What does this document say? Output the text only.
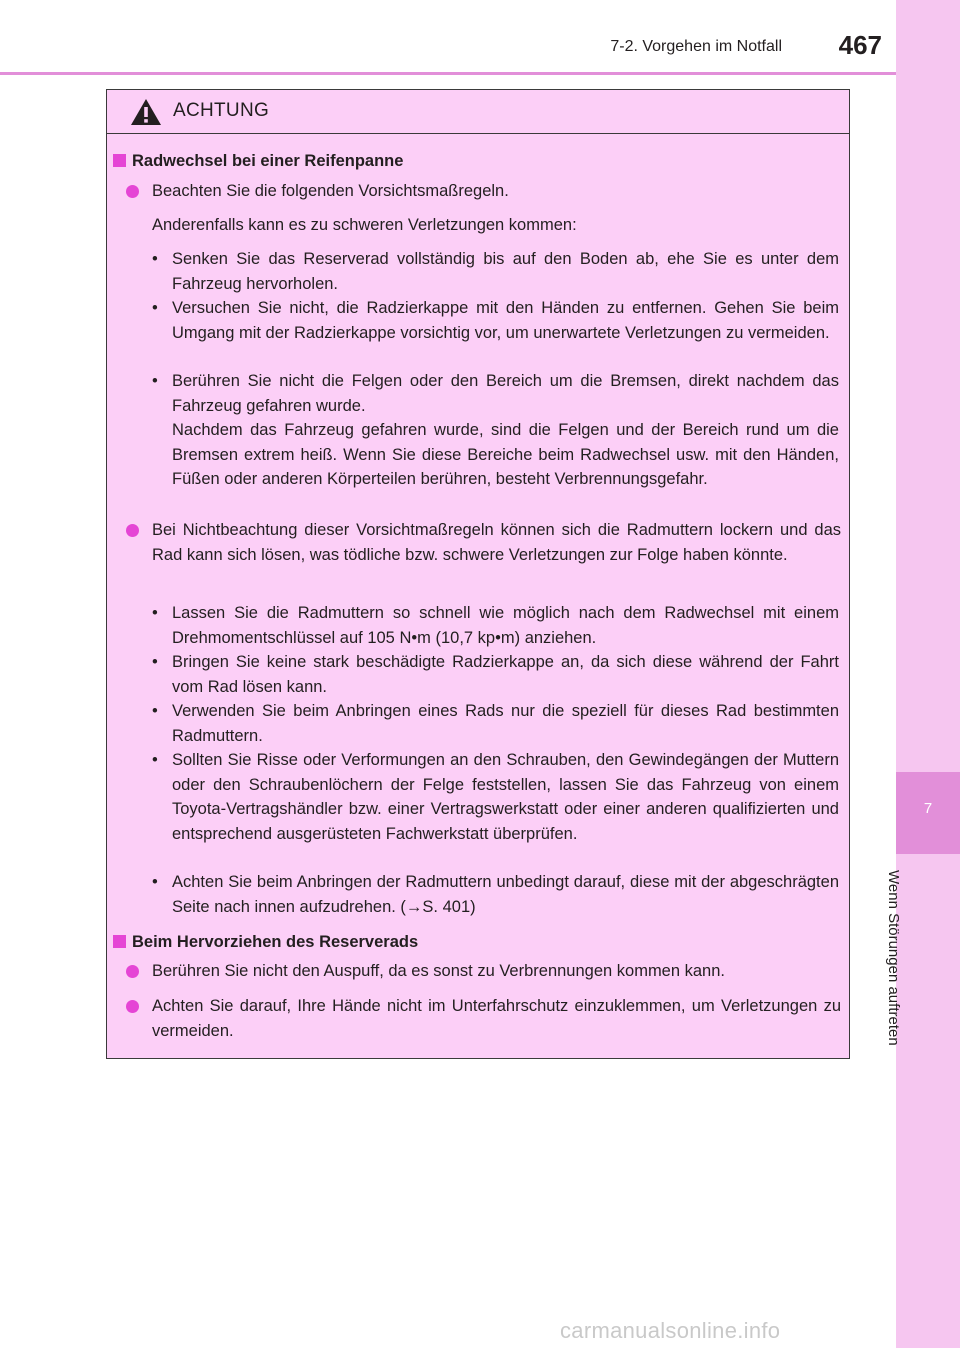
7-2. Vorgehen im Notfall	467
7
Wenn Störungen auftreten
ACHTUNG
Radwechsel bei einer Reifenpanne
Beachten Sie die folgenden Vorsichtsmaßregeln.
Anderenfalls kann es zu schweren Verletzungen kommen:
• Senken Sie das Reserverad vollständig bis auf den Boden ab, ehe Sie es unter dem Fahrzeug hervorholen.
• Versuchen Sie nicht, die Radzierkappe mit den Händen zu entfernen. Gehen Sie beim Umgang mit der Radzierkappe vorsichtig vor, um unerwartete Verletzungen zu vermeiden.
• Berühren Sie nicht die Felgen oder den Bereich um die Bremsen, direkt nachdem das Fahrzeug gefahren wurde.
Nachdem das Fahrzeug gefahren wurde, sind die Felgen und der Bereich rund um die Bremsen extrem heiß. Wenn Sie diese Bereiche beim Radwechsel usw. mit den Händen, Füßen oder anderen Körperteilen berühren, besteht Verbrennungsgefahr.
Bei Nichtbeachtung dieser Vorsichtmaßregeln können sich die Radmuttern lockern und das Rad kann sich lösen, was tödliche bzw. schwere Verletzungen zur Folge haben könnte.
• Lassen Sie die Radmuttern so schnell wie möglich nach dem Radwechsel mit einem Drehmomentschlüssel auf 105 N•m (10,7 kp•m) anziehen.
• Bringen Sie keine stark beschädigte Radzierkappe an, da sich diese während der Fahrt vom Rad lösen kann.
• Verwenden Sie beim Anbringen eines Rads nur die speziell für dieses Rad bestimmten Radmuttern.
• Sollten Sie Risse oder Verformungen an den Schrauben, den Gewindegängen der Muttern oder den Schraubenlöchern der Felge feststellen, lassen Sie das Fahrzeug von einem Toyota-Vertragshändler bzw. einer Vertragswerkstatt oder einer anderen qualifizierten und entsprechend ausgerüsteten Fachwerkstatt überprüfen.
• Achten Sie beim Anbringen der Radmuttern unbedingt darauf, diese mit der abgeschrägten Seite nach innen aufzudrehen. (→S. 401)
Beim Hervorziehen des Reserverads
Berühren Sie nicht den Auspuff, da es sonst zu Verbrennungen kommen kann.
Achten Sie darauf, Ihre Hände nicht im Unterfahrschutz einzuklemmen, um Verletzungen zu vermeiden.
carmanualsonline.info
